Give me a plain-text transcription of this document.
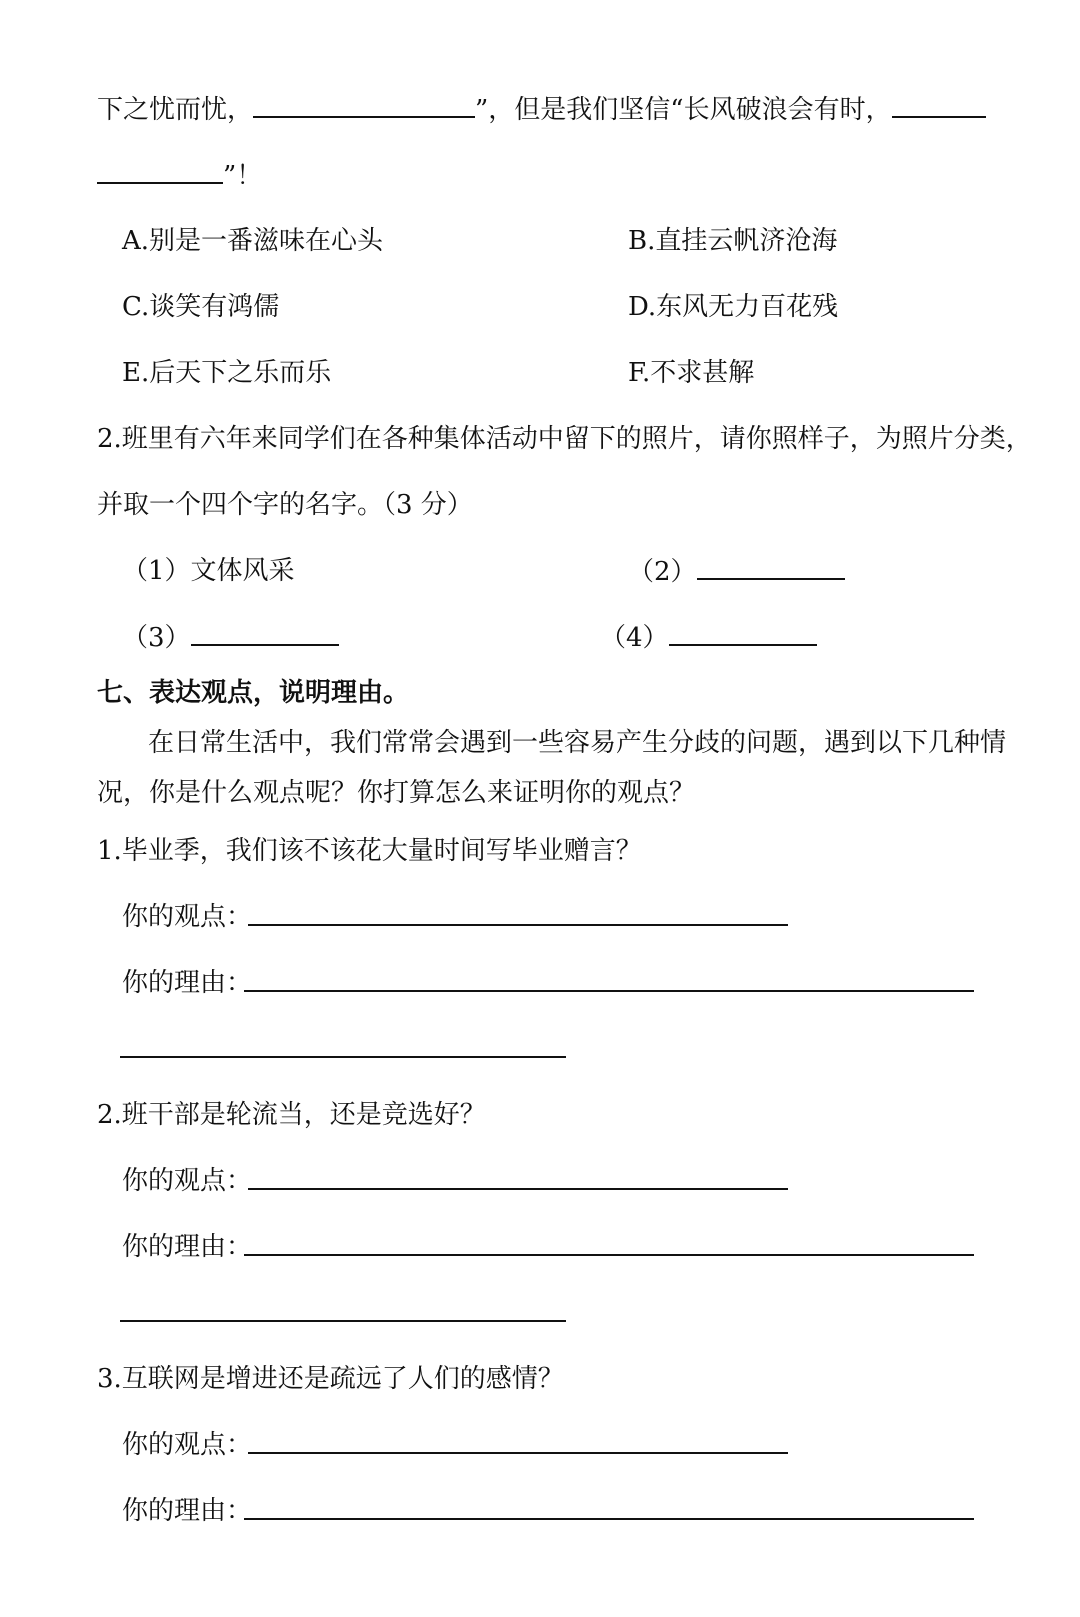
下之忧而忧，	”，但是我们坚信“长风破浪会有时，
”！
A.别是一番滋味在心头	B.直挂云帆济沧海
C.谈笑有鸿儒	D.东风无力百花残
E.后天下之乐而乐	F.不求甚解
2.班里有六年来同学们在各种集体活动中留下的照片，请你照样子，为照片分类，
并取一个四个字的名字。（3 分）
（1）文体风采	（2）
（3）	（4）
七、表达观点，说明理由。
在日常生活中，我们常常会遇到一些容易产生分歧的问题，遇到以下几种情
况，你是什么观点呢？你打算怎么来证明你的观点？
1.毕业季，我们该不该花大量时间写毕业赠言？
你的观点：
你的理由：
2.班干部是轮流当，还是竞选好？
你的观点：
你的理由：
3.互联网是增进还是疏远了人们的感情？
你的观点：
你的理由：
